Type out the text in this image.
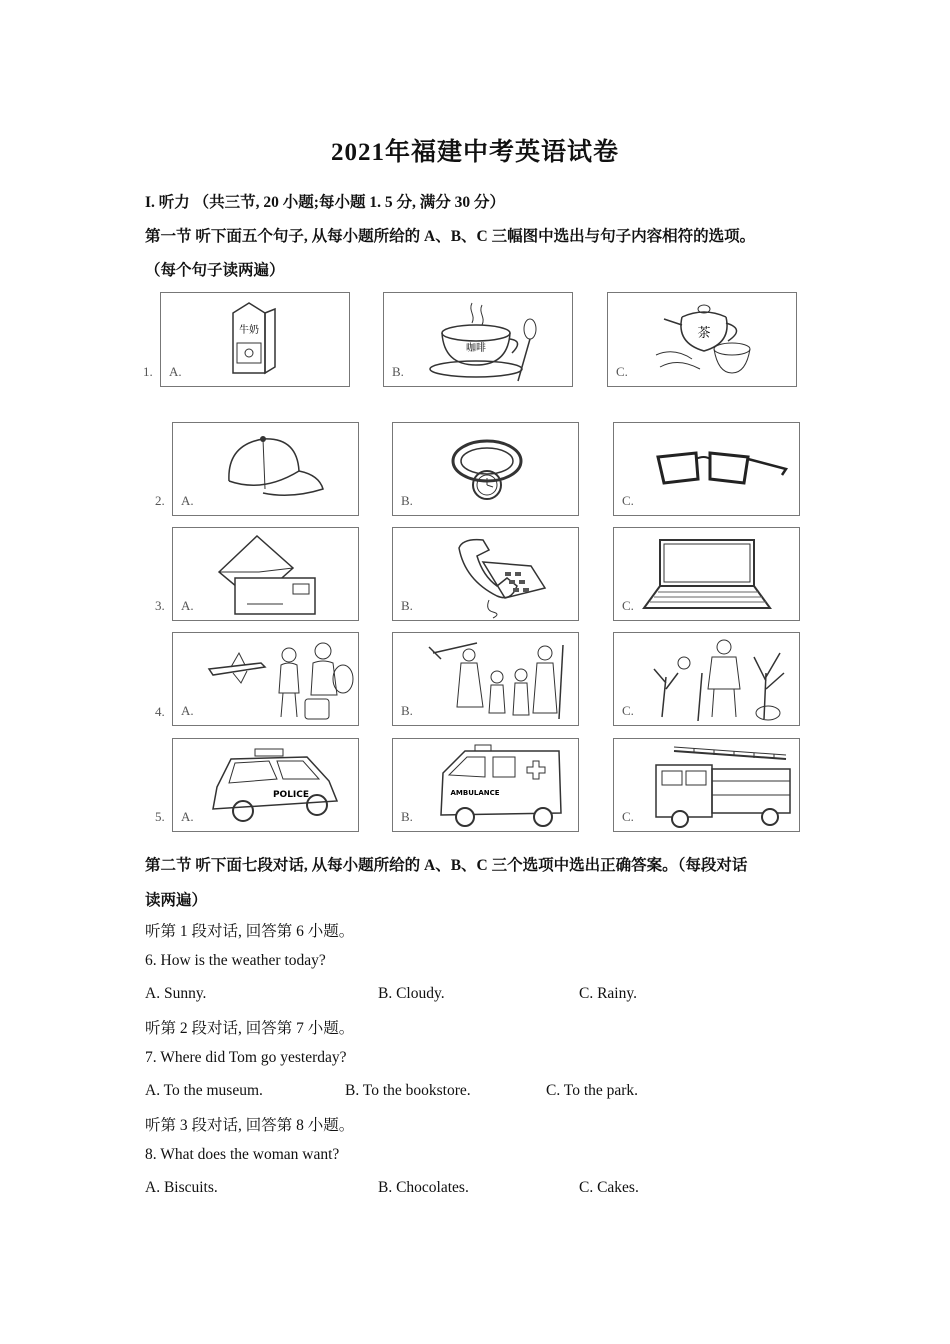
2021年福建中考英语试卷
I. 听力 （共三节, 20 小题;每小题 1. 5 分, 满分 30 分）
第一节 听下面五个句子, 从每小题所给的 A、B、C 三幅图中选出与句子内容相符的选项。
（每个句子读两遍）
1.
牛奶
A.
咖啡
B.
茶
C.
2. A.	B.	C.
3. A.	B.	C.
4. A.	B.	C.
5.
POLICE
A.
AMBULANCE
B.	C.
第二节 听下面七段对话, 从每小题所给的 A、B、C 三个选项中选出正确答案。（每段对话
读两遍）
听第 1 段对话, 回答第 6 小题。
6. How is the weather today?
A. Sunny.	B. Cloudy.	C. Rainy.
听第 2 段对话, 回答第 7 小题。
7. Where did Tom go yesterday?
A. To the museum.	B. To the bookstore.	C. To the park.
听第 3 段对话, 回答第 8 小题。
8. What does the woman want?
A. Biscuits.	B. Chocolates.	C. Cakes.
